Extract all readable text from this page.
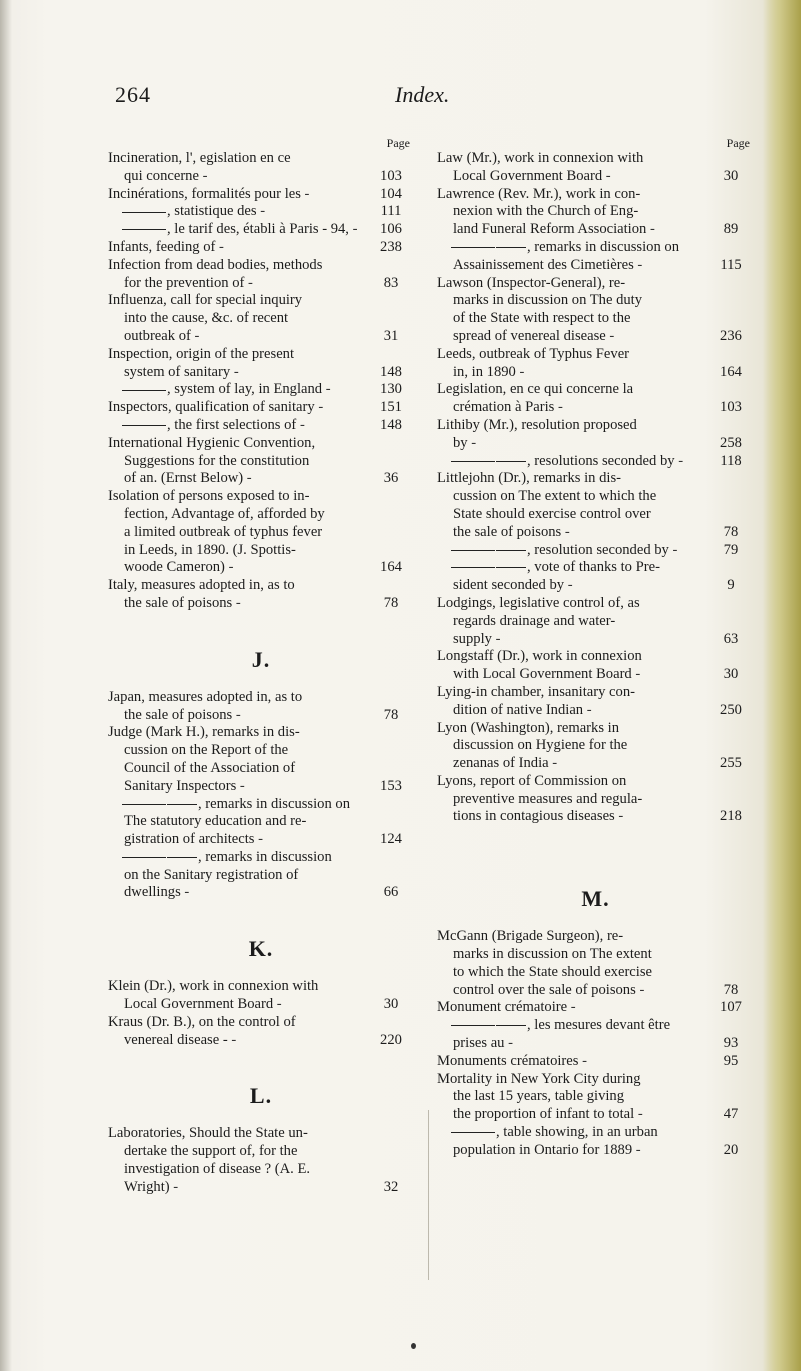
264	Index.
Page
Incineration, l', egislation en ce
qui concerne -	103
Incinérations, formalités pour les -	104
, statistique des -	111
, le tarif des, établi à Paris - 94, -	106
Infants, feeding of -	238
Infection from dead bodies, methods
for the prevention of -	83
Influenza, call for special inquiry
into the cause, &c. of recent
outbreak of -	31
Inspection, origin of the present
system of sanitary -	148
, system of lay, in England -	130
Inspectors, qualification of sanitary -	151
, the first selections of -	148
International Hygienic Convention,
Suggestions for the constitution
of an. (Ernst Below) -	36
Isolation of persons exposed to in-
fection, Advantage of, afforded by
a limited outbreak of typhus fever
in Leeds, in 1890. (J. Spottis-
woode Cameron) -	164
Italy, measures adopted in, as to
the sale of poisons -	78
J.
Japan, measures adopted in, as to
the sale of poisons -	78
Judge (Mark H.), remarks in dis-
cussion on the Report of the
Council of the Association of
Sanitary Inspectors -	153
, remarks in discussion on
The statutory education and re-
gistration of architects -	124
, remarks in discussion
on the Sanitary registration of
dwellings -	66
K.
Klein (Dr.), work in connexion with
Local Government Board -	30
Kraus (Dr. B.), on the control of
venereal disease - -	220
L.
Laboratories, Should the State un-
dertake the support of, for the
investigation of disease ? (A. E.
Wright) -	32
Page
Law (Mr.), work in connexion with
Local Government Board -	30
Lawrence (Rev. Mr.), work in con-
nexion with the Church of Eng-
land Funeral Reform Association -	89
, remarks in discussion on
Assainissement des Cimetières -	115
Lawson (Inspector-General), re-
marks in discussion on The duty
of the State with respect to the
spread of venereal disease -	236
Leeds, outbreak of Typhus Fever
in, in 1890 -	164
Legislation, en ce qui concerne la
crémation à Paris -	103
Lithiby (Mr.), resolution proposed
by -	258
, resolutions seconded by -	118
Littlejohn (Dr.), remarks in dis-
cussion on The extent to which the
State should exercise control over
the sale of poisons -	78
, resolution seconded by -	79
, vote of thanks to Pre-
sident seconded by -	9
Lodgings, legislative control of, as
regards drainage and water-
supply -	63
Longstaff (Dr.), work in connexion
with Local Government Board -	30
Lying-in chamber, insanitary con-
dition of native Indian -	250
Lyon (Washington), remarks in
discussion on Hygiene for the
zenanas of India -	255
Lyons, report of Commission on
preventive measures and regula-
tions in contagious diseases -	218
M.
McGann (Brigade Surgeon), re-
marks in discussion on The extent
to which the State should exercise
control over the sale of poisons -	78
Monument crématoire -	107
, les mesures devant être
prises au -	93
Monuments crématoires -	95
Mortality in New York City during
the last 15 years, table giving
the proportion of infant to total -	47
, table showing, in an urban
population in Ontario for 1889 -	20
